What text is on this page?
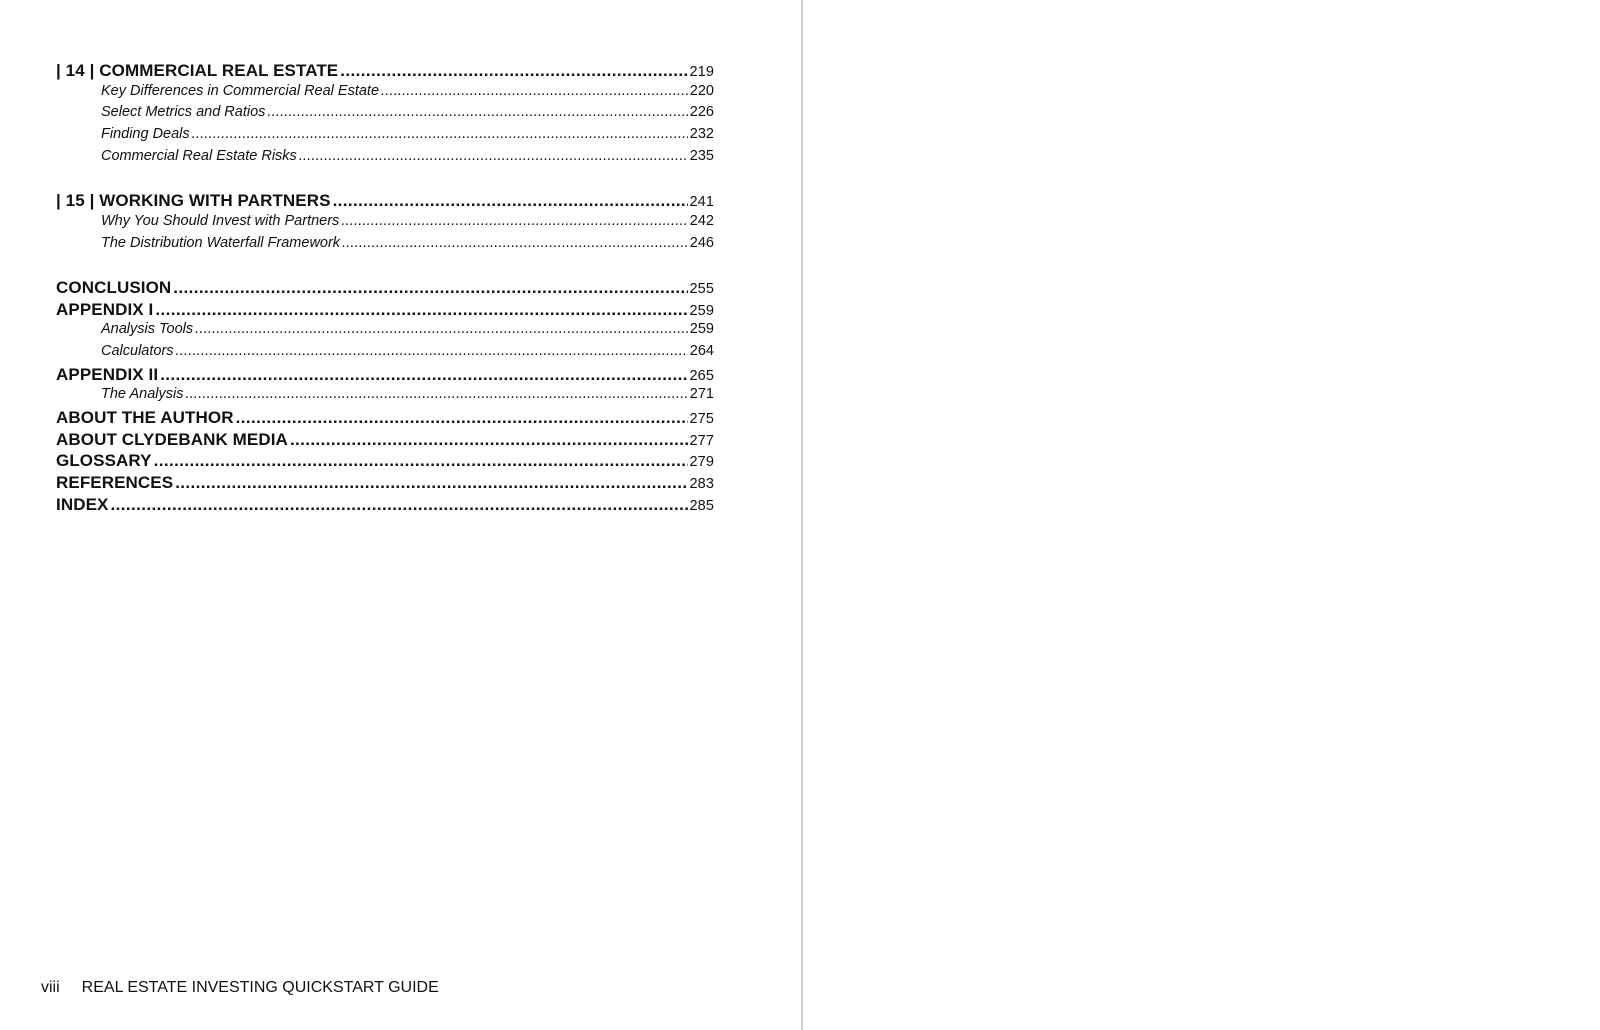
| 14 | COMMERCIAL REAL ESTATE .....	219
Key Differences in Commercial Real Estate .....	220
Select Metrics and Ratios .....	226
Finding Deals .....	232
Commercial Real Estate Risks .....	235
| 15 | WORKING WITH PARTNERS .....	241
Why You Should Invest with Partners .....	242
The Distribution Waterfall Framework .....	246
CONCLUSION .....	255
APPENDIX I .....	259
Analysis Tools .....	259
Calculators .....	264
APPENDIX II .....	265
The Analysis .....	271
ABOUT THE AUTHOR .....	275
ABOUT CLYDEBANK MEDIA .....	277
GLOSSARY .....	279
REFERENCES .....	283
INDEX .....	285
viii REAL ESTATE INVESTING QUICKSTART GUIDE
